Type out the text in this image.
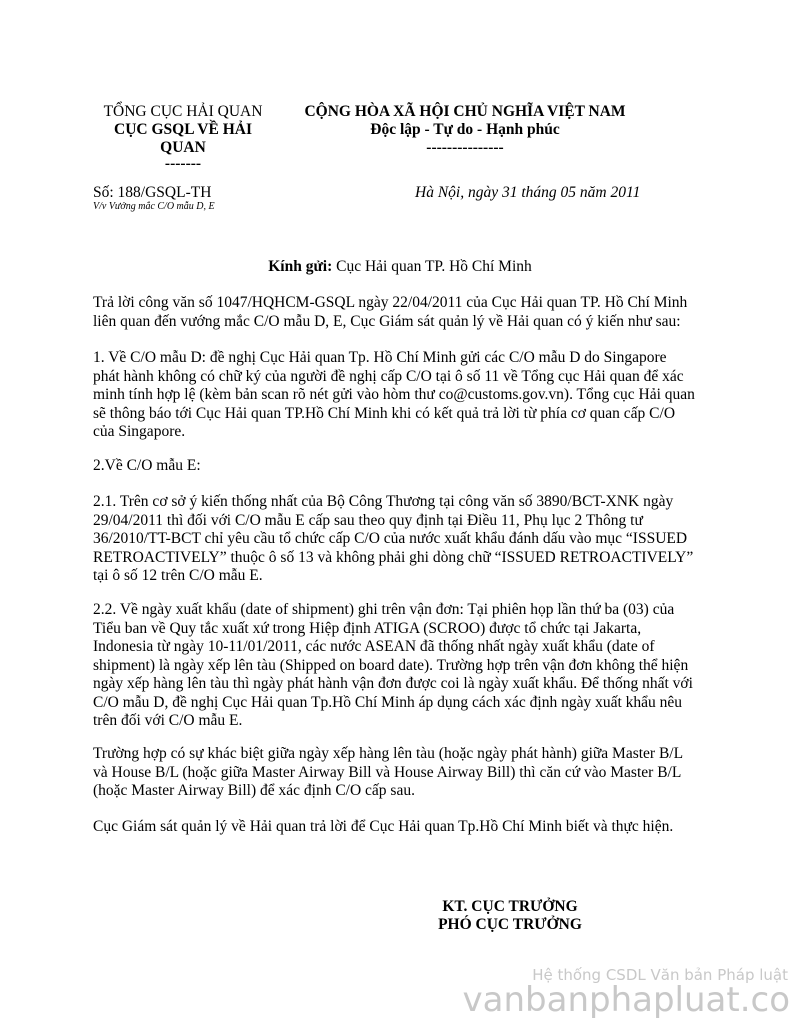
TỔNG CỤC HẢI QUAN
CỤC GSQL VỀ HẢI
QUAN
-------
CỘNG HÒA XÃ HỘI CHỦ NGHĨA VIỆT NAM
Độc lập - Tự do - Hạnh phúc
---------------
Số: 188/GSQL-TH
V/v Vướng mắc C/O mẫu D, E
Hà Nội, ngày 31 tháng 05 năm 2011
Kính gửi: Cục Hải quan TP. Hồ Chí Minh

Trả lời công văn số 1047/HQHCM-GSQL ngày 22/04/2011 của Cục Hải quan TP. Hồ Chí Minh

liên quan đến vướng mắc C/O mẫu D, E, Cục Giám sát quản lý về Hải quan có ý kiến như sau:

1. Về C/O mẫu D: đề nghị Cục Hải quan Tp. Hồ Chí Minh gửi các C/O mẫu D do Singapore

phát hành không có chữ ký của người đề nghị cấp C/O tại ô số 11 về Tổng cục Hải quan để xác

minh tính hợp lệ (kèm bản scan rõ nét gửi vào hòm thư co@customs.gov.vn). Tổng cục Hải quan

sẽ thông báo tới Cục Hải quan TP.Hồ Chí Minh khi có kết quả trả lời từ phía cơ quan cấp C/O

của Singapore.

2.Về C/O mẫu E:

2.1. Trên cơ sở ý kiến thống nhất của Bộ Công Thương tại công văn số 3890/BCT-XNK ngày

29/04/2011 thì đối với C/O mẫu E cấp sau theo quy định tại Điều 11, Phụ lục 2 Thông tư

36/2010/TT-BCT chỉ yêu cầu tổ chức cấp C/O của nước xuất khẩu đánh dấu vào mục “ISSUED

RETROACTIVELY” thuộc ô số 13 và không phải ghi dòng chữ “ISSUED RETROACTIVELY”

tại ô số 12 trên C/O mẫu E.

2.2. Về ngày xuất khẩu (date of shipment) ghi trên vận đơn: Tại phiên họp lần thứ ba (03) của

Tiểu ban về Quy tắc xuất xứ trong Hiệp định ATIGA (SCROO) được tổ chức tại Jakarta,

Indonesia từ ngày 10-11/01/2011, các nước ASEAN đã thống nhất ngày xuất khẩu (date of

shipment) là ngày xếp lên tàu (Shipped on board date). Trường hợp trên vận đơn không thể hiện

ngày xếp hàng lên tàu thì ngày phát hành vận đơn được coi là ngày xuất khẩu. Để thống nhất với

C/O mẫu D, đề nghị Cục Hải quan Tp.Hồ Chí Minh áp dụng cách xác định ngày xuất khẩu nêu

trên đối với C/O mẫu E.

Trường hợp có sự khác biệt giữa ngày xếp hàng lên tàu (hoặc ngày phát hành) giữa Master B/L

và House B/L (hoặc giữa Master Airway Bill và House Airway Bill) thì căn cứ vào Master B/L

(hoặc Master Airway Bill) để xác định C/O cấp sau.

Cục Giám sát quản lý về Hải quan trả lời để Cục Hải quan Tp.Hồ Chí Minh biết và thực hiện.

KT. CỤC TRƯỞNG
PHÓ CỤC TRƯỞNG
Hệ thống CSDL Văn bản Pháp luật
vanbanphapluat.co
